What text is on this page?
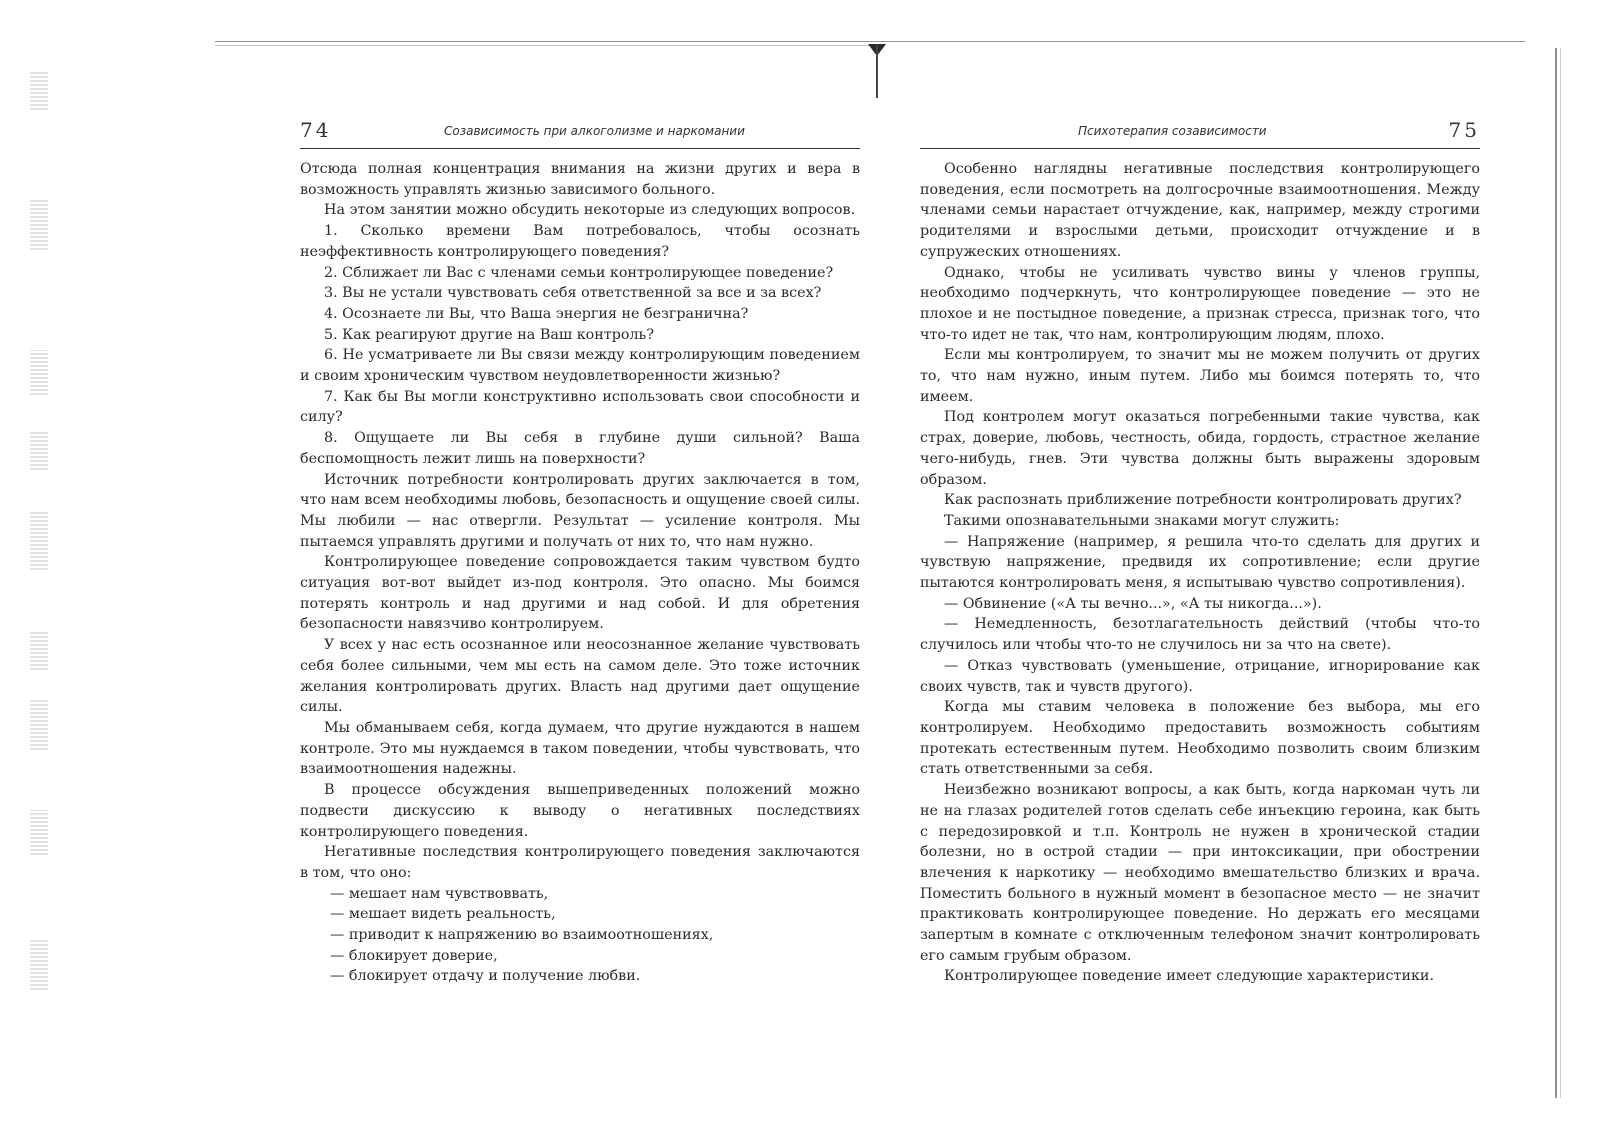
74	Созависимость при алкоголизме и наркомании

Отсюда полная концентрация внимания на жизни других и вера в возможность управлять жизнью зависимого больного.

На этом занятии можно обсудить некоторые из следующих вопросов.

1. Сколько времени Вам потребовалось, чтобы осознать неэффективность контролирующего поведения?

2. Сближает ли Вас с членами семьи контролирующее поведение?

3. Вы не устали чувствовать себя ответственной за все и за всех?

4. Осознаете ли Вы, что Ваша энергия не безгранична?

5. Как реагируют другие на Ваш контроль?

6. Не усматриваете ли Вы связи между контролирующим поведением и своим хроническим чувством неудовлетворенности жизнью?

7. Как бы Вы могли конструктивно использовать свои способности и силу?

8. Ощущаете ли Вы себя в глубине души сильной? Ваша беспомощность лежит лишь на поверхности?

Источник потребности контролировать других заключается в том, что нам всем необходимы любовь, безопасность и ощущение своей силы. Мы любили — нас отвергли. Результат — усиление контроля. Мы пытаемся управлять другими и получать от них то, что нам нужно.

Контролирующее поведение сопровождается таким чувством будто ситуация вот-вот выйдет из-под контроля. Это опасно. Мы боимся потерять контроль и над другими и над собой. И для обретения безопасности навязчиво контролируем.

У всех у нас есть осознанное или неосознанное желание чувствовать себя более сильными, чем мы есть на самом деле. Это тоже источник желания контролировать других. Власть над другими дает ощущение силы.

Мы обманываем себя, когда думаем, что другие нуждаются в нашем контроле. Это мы нуждаемся в таком поведении, чтобы чувствовать, что взаимоотношения надежны.

В процессе обсуждения вышеприведенных положений можно подвести дискуссию к выводу о негативных последствиях контролирующего поведения.

Негативные последствия контролирующего поведения заключаются в том, что оно:

— мешает нам чувствоввать,

— мешает видеть реальность,

— приводит к напряжению во взаимоотношениях,

— блокирует доверие,

— блокирует отдачу и получение любви.

Психотерапия созависимости	75

Особенно наглядны негативные последствия контролирующего поведения, если посмотреть на долгосрочные взаимоотношения. Между членами семьи нарастает отчуждение, как, например, между строгими родителями и взрослыми детьми, происходит отчуждение и в супружеских отношениях.

Однако, чтобы не усиливать чувство вины у членов группы, необходимо подчеркнуть, что контролирующее поведение — это не плохое и не постыдное поведение, а признак стресса, признак того, что что-то идет не так, что нам, контролирующим людям, плохо.

Если мы контролируем, то значит мы не можем получить от других то, что нам нужно, иным путем. Либо мы боимся потерять то, что имеем.

Под контролем могут оказаться погребенными такие чувства, как страх, доверие, любовь, честность, обида, гордость, страстное желание чего-нибудь, гнев. Эти чувства должны быть выражены здоровым образом.

Как распознать приближение потребности контролировать других?

Такими опознавательными знаками могут служить:

— Напряжение (например, я решила что-то сделать для других и чувствую напряжение, предвидя их сопротивление; если другие пытаются контролировать меня, я испытываю чувство сопротивления).

— Обвинение («А ты вечно...», «А ты никогда...»).

— Немедленность, безотлагательность действий (чтобы что-то случилось или чтобы что-то не случилось ни за что на свете).

— Отказ чувствовать (уменьшение, отрицание, игнорирование как своих чувств, так и чувств другого).

Когда мы ставим человека в положение без выбора, мы его контролируем. Необходимо предоставить возможность событиям протекать естественным путем. Необходимо позволить своим близким стать ответственными за себя.

Неизбежно возникают вопросы, а как быть, когда наркоман чуть ли не на глазах родителей готов сделать себе инъекцию героина, как быть с передозировкой и т.п. Контроль не нужен в хронической стадии болезни, но в острой стадии — при интоксикации, при обострении влечения к наркотику — необходимо вмешательство близких и врача. Поместить больного в нужный момент в безопасное место — не значит практиковать контролирующее поведение. Но держать его месяцами запертым в комнате с отключенным телефоном значит контролировать его самым грубым образом.

Контролирующее поведение имеет следующие характеристики.
